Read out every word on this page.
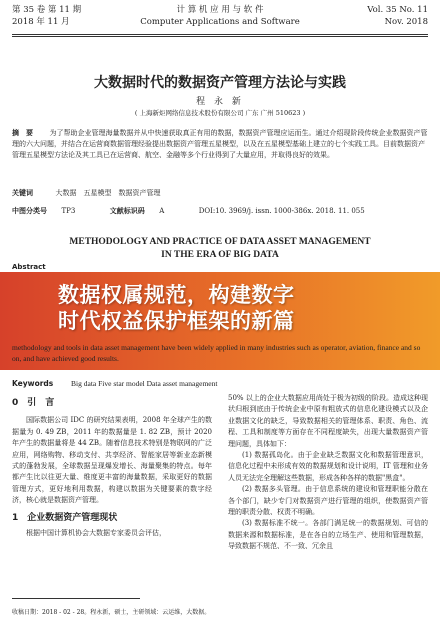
第 35 卷 第 11 期
2018 年 11 月
计 算 机 应 用 与 软 件
Computer Applications and Software
Vol. 35 No. 11
Nov. 2018
大数据时代的数据资产管理方法论与实践
程 永 新
( 上海新炬网络信息技术股份有限公司 广东 广州 510623 )
摘　要 为了帮助企业管理海量数据并从中快速获取真正有用的数据，数据资产管理应运而生。通过介绍现阶段传统企业数据资产管理的六大问题，并结合在运营商数据管理经验提出数据资产管理五星模型，以及在五星模型基础上建立的七个实践工具。目前数据资产管理五星模型方法论及其工具已在运营商、航空、金融等多个行业得到了大量应用，并取得良好的效果。
关键词	大数据　五星模型　数据资产管理
中图分类号 TP3	文献标识码 A	DOI:10. 3969/j. issn. 1000-386x. 2018. 11. 055
METHODOLOGY AND PRACTICE OF DATA ASSET MANAGEMENT
IN THE ERA OF BIG DATA
Abstract
数据权属规范，构建数字
时代权益保护框架的新篇
methodology and tools in data asset management have been widely applied in many industries such as operator, aviation, finance and so on, and have achieved good results.
Keywords Big data Five star model Data asset management
0　引　言
国际数据公司 IDC 的研究结果表明，2008 年全球产生的数据量为 0. 49 ZB，2011 年的数据量是 1. 82 ZB，预计 2020 年产生的数据量将是 44 ZB。随着信息技术特别是物联网的广泛应用，网络购物、移动支付、共享经济、智能家居等新业态新模式的蓬勃发展，全球数据呈现爆发增长、海量聚集的特点。每年都产生比以往更大量、维度更丰富的海量数据，采取更好的数据管理方式，更好地利用数据，构建以数据为关键要素的数字经济，核心就是数据资产管理。
1　企业数据资产管理现状
根据中国计算机协会大数据专家委员会评估，
50% 以上的企业大数据应用尚处于极为初级的阶段。造成这种现状归根到底由于传统企业中原有粗放式的信息化建设模式以及企业数据文化的缺乏，导致数据相关的管理体系、职责、角色、流程、工具和制度等方面存在不同程度缺失，出现大量数据资产管理问题，具体如下：
(1) 数据孤岛化。由于企业缺乏数据文化和数据管理意识，信息化过程中未形成有效的数据规划和设计说明，IT 管理和业务人员无法完全理解这些数据，形成各种各样的数据"黑盒"。
(2) 数据多头管理。由于信息系统的建设和管理职能分散在各个部门，缺少专门对数据资产进行管理的组织，使数据资产管理的职责分散、权责不明确。
(3) 数据标准不统一。各部门满足统一的数据规划、可信的数据来源和数据标准，是在各自的立场生产、使用和管理数据，导致数据不规范、不一致、冗余且
收稿日期：2018 - 02 - 28。程永新，硕士，主研领域：云运维，大数据。
